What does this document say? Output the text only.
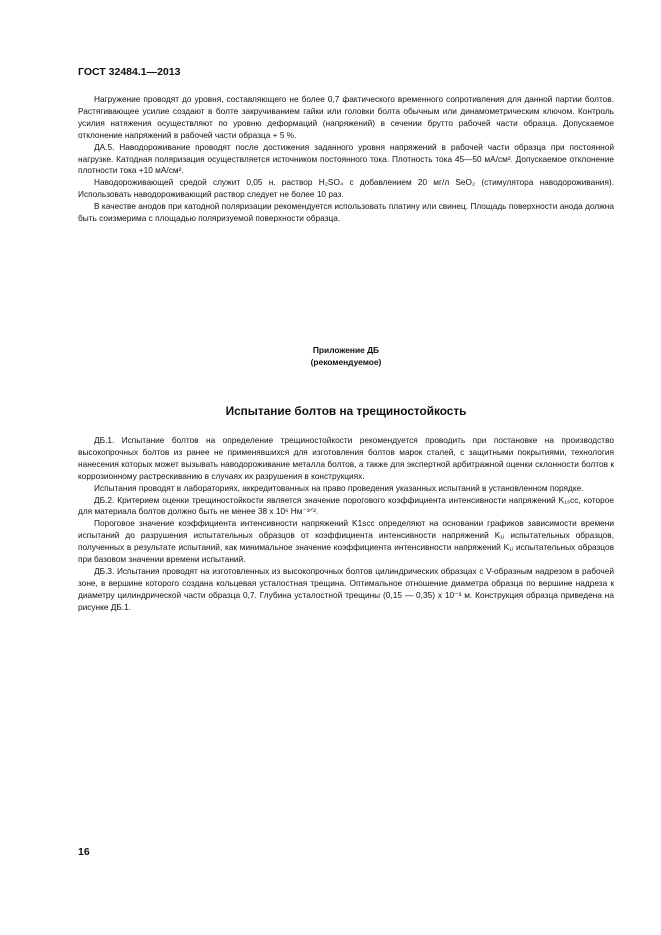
ГОСТ 32484.1—2013

Нагружение проводят до уровня, составляющего не более 0,7 фактического временного сопротивления для данной партии болтов. Растягивающее усилие создают в болте закручиванием гайки или головки болта обычным или динамометрическим ключом. Контроль усилия натяжения осуществляют по уровню деформаций (напряжений) в сечении брутто рабочей части образца. Допускаемое отклонение напряжений в рабочей части образца + 5 %.

ДА.5. Наводороживание проводят после достижения заданного уровня напряжений в рабочей части образца при постоянной нагрузке. Катодная поляризация осуществляется источником постоянного тока. Плотность тока 45—50 мА/см². Допускаемое отклонение плотности тока +10 мА/см².

Наводороживающей средой служит 0,05 н. раствор H₂SO₄ с добавлением 20 мг/л SeO₂ (стимулятора наводороживания). Использовать наводороживающий раствор следует не более 10 раз.

В качестве анодов при катодной поляризации рекомендуется использовать платину или свинец. Площадь поверхности анода должна быть соизмерима с площадью поляризуемой поверхности образца.

Приложение ДБ
(рекомендуемое)
Испытание болтов на трещиностойкость

ДБ.1. Испытание болтов на определение трещиностойкости рекомендуется проводить при постановке на производство высокопрочных болтов из ранее не применявшихся для изготовления болтов марок сталей, с защитными покрытиями, технология нанесения которых может вызывать наводороживание металла болтов, а также для экспертной арбитражной оценки склонности болтов к коррозионному растрескиванию в случаях их разрушения в конструкциях.

Испытания проводят в лабораториях, аккредитованных на право проведения указанных испытаний в установленном порядке.

ДБ.2. Критерием оценки трещиностойкости является значение порогового коэффициента интенсивности напряжений K₁ₛcc, которое для материала болтов должно быть не менее 38 x 10⁶ Нм⁻³ᐟ².

Пороговое значение коэффициента интенсивности напряжений K1scc определяют на основании графиков зависимости времени испытаний до разрушения испытательных образцов от коэффициента интенсивности напряжений K₁ᵢ испытательных образцов, полученных в результате испытаний, как минимальное значение коэффициента интенсивности напряжений K₁ᵢ испытательных образцов при базовом значении времени испытаний.

ДБ.3. Испытания проводят на изготовленных из высокопрочных болтов цилиндрических образцах с V-образным надрезом в рабочей зоне, в вершине которого создана кольцевая усталостная трещина. Оптимальное отношение диаметра образца по вершине надреза к диаметру цилиндрической части образца 0,7. Глубина усталостной трещины (0,15 — 0,35) x 10⁻³ м. Конструкция образца приведена на рисунке ДБ.1.

16
